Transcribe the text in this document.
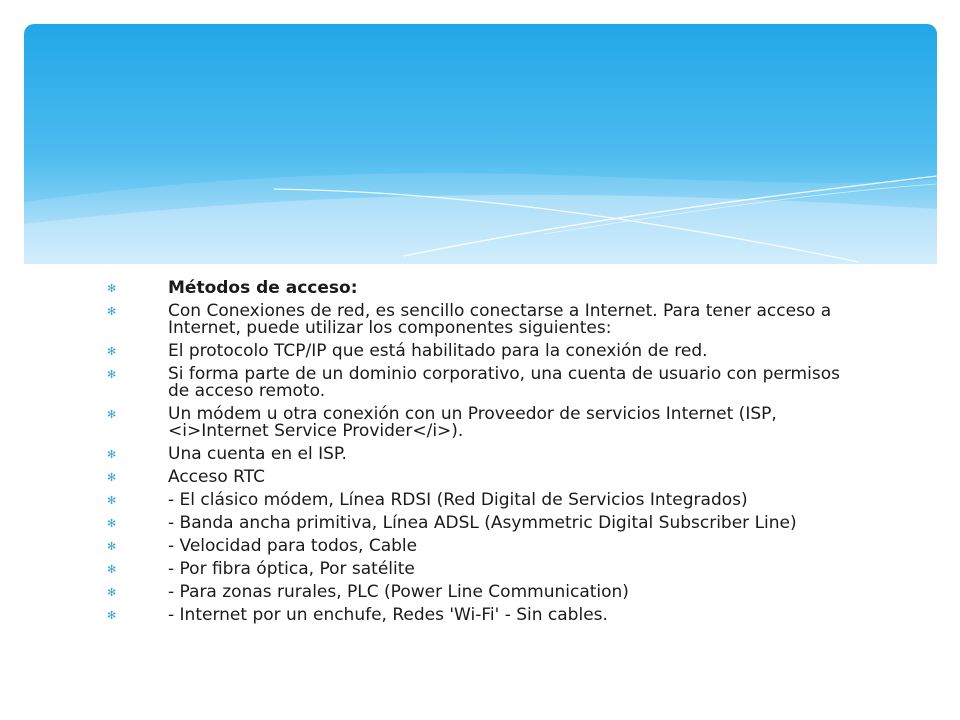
✻	Métodos de acceso:
✻	Con Conexiones de red, es sencillo conectarse a Internet. Para tener acceso a Internet, puede utilizar los componentes siguientes:
✻	El protocolo TCP/IP que está habilitado para la conexión de red.
✻	Si forma parte de un dominio corporativo, una cuenta de usuario con permisos de acceso remoto.
✻	Un módem u otra conexión con un Proveedor de servicios Internet (ISP, <i>Internet Service Provider</i>).
✻	Una cuenta en el ISP.
✻	Acceso RTC
✻	- El clásico módem, Línea RDSI (Red Digital de Servicios Integrados)
✻	- Banda ancha primitiva, Línea ADSL (Asymmetric Digital Subscriber Line)
✻	- Velocidad para todos, Cable
✻	- Por fibra óptica, Por satélite
✻	- Para zonas rurales, PLC (Power Line Communication)
✻	- Internet por un enchufe, Redes 'Wi-Fi' - Sin cables.
